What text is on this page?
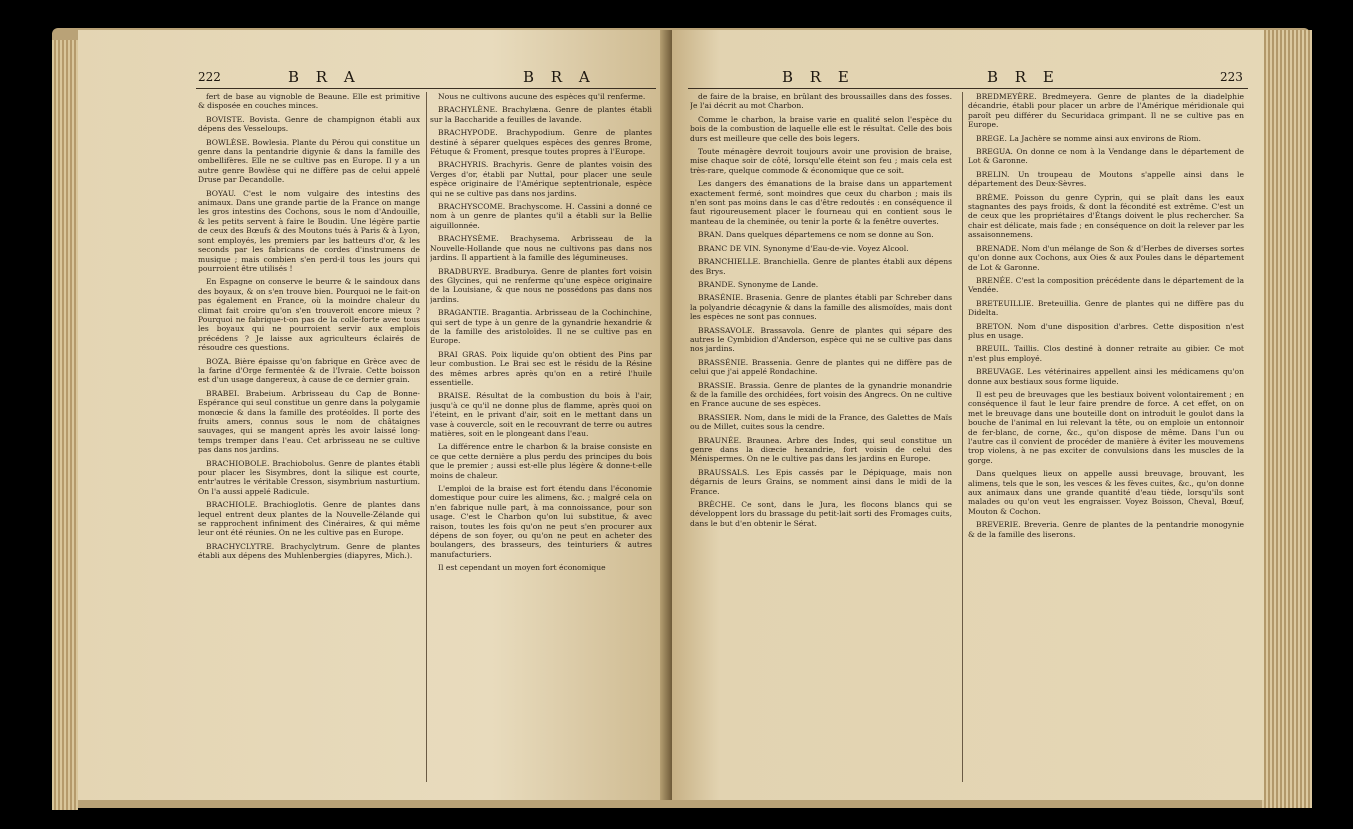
222	B R A	B R A

fert de base au vignoble de Beaune. Elle est primitive & disposée en couches minces.

BOVISTE. Bovista. Genre de champignon établi aux dépens des Vesseloups.

BOWLÈSE. Bowlesia. Plante du Pérou qui constitue un genre dans la pentandrie digynie & dans la famille des ombellifères. Elle ne se cultive pas en Europe. Il y a un autre genre Bowlèse qui ne diffère pas de celui appelé Druse par Decandolle.

BOYAU. C'est le nom vulgaire des intestins des animaux. Dans une grande partie de la France on mange les gros intestins des Cochons, sous le nom d'Andouille, & les petits servent à faire le Boudin. Une légère partie de ceux des Bœufs & des Moutons tués à Paris & à Lyon, sont employés, les premiers par les batteurs d'or, & les seconds par les fabricans de cordes d'instrumens de musique ; mais combien s'en perd-il tous les jours qui pourroient être utilisés !

En Espagne on conserve le beurre & le saindoux dans des boyaux, & on s'en trouve bien. Pourquoi ne le fait-on pas également en France, où la moindre chaleur du climat fait croire qu'on s'en trouveroit encore mieux ? Pourquoi ne fabrique-t-on pas de la colle-forte avec tous les boyaux qui ne pourroient servir aux emplois précédens ? Je laisse aux agriculteurs éclairés de résoudre ces questions.

BOZA. Bière épaisse qu'on fabrique en Grèce avec de la farine d'Orge fermentée & de l'Ivraie. Cette boisson est d'un usage dangereux, à cause de ce dernier grain.

BRABEI. Brabeium. Arbrisseau du Cap de Bonne-Espérance qui seul constitue un genre dans la polygamie monœcie & dans la famille des protéoïdes. Il porte des fruits amers, connus sous le nom de châtaignes sauvages, qui se mangent après les avoir laissé long-temps tremper dans l'eau. Cet arbrisseau ne se cultive pas dans nos jardins.

BRACHIOBOLE. Brachiobolus. Genre de plantes établi pour placer les Sisymbres, dont la silique est courte, entr'autres le véritable Cresson, sisymbrium nasturtium. On l'a aussi appelé Radicule.

BRACHIOLE. Brachioglotis. Genre de plantes dans lequel entrent deux plantes de la Nouvelle-Zélande qui se rapprochent infiniment des Cinéraires, & qui même leur ont été réunies. On ne les cultive pas en Europe.

BRACHYCLYTRE. Brachyclytrum. Genre de plantes établi aux dépens des Muhlenbergies (diapyres, Mich.).

Nous ne cultivons aucune des espèces qu'il renferme.

BRACHYLÈNE. Brachylæna. Genre de plantes établi sur la Baccharide a feuilles de lavande.

BRACHYPODE. Brachypodium. Genre de plantes destiné à séparer quelques espèces des genres Brome, Fétuque & Froment, presque toutes propres à l'Europe.

BRACHYRIS. Brachyris. Genre de plantes voisin des Verges d'or, établi par Nuttal, pour placer une seule espèce originaire de l'Amérique septentrionale, espèce qui ne se cultive pas dans nos jardins.

BRACHYSCOME. Brachyscome. H. Cassini a donné ce nom à un genre de plantes qu'il a établi sur la Bellie aiguillonnée.

BRACHYSÈME. Brachysema. Arbrisseau de la Nouvelle-Hollande que nous ne cultivons pas dans nos jardins. Il appartient à la famille des légumineuses.

BRADBURYE. Bradburya. Genre de plantes fort voisin des Glycines, qui ne renferme qu'une espèce originaire de la Louisiane, & que nous ne possédons pas dans nos jardins.

BRAGANTIE. Bragantia. Arbrisseau de la Cochinchine, qui sert de type à un genre de la gynandrie hexandrie & de la famille des aristoloïdes. Il ne se cultive pas en Europe.

BRAI GRAS. Poix liquide qu'on obtient des Pins par leur combustion. Le Brai sec est le résidu de la Résine des mêmes arbres après qu'on en a retiré l'huile essentielle.

BRAISE. Résultat de la combustion du bois à l'air, jusqu'à ce qu'il ne donne plus de flamme, après quoi on l'éteint, en le privant d'air, soit en le mettant dans un vase à couvercle, soit en le recouvrant de terre ou autres matières, soit en le plongeant dans l'eau.

La différence entre le charbon & la braise consiste en ce que cette dernière a plus perdu des principes du bois que le premier ; aussi est-elle plus légère & donne-t-elle moins de chaleur.

L'emploi de la braise est fort étendu dans l'économie domestique pour cuire les alimens, &c. ; malgré cela on n'en fabrique nulle part, à ma connoissance, pour son usage. C'est le Charbon qu'on lui substitue, & avec raison, toutes les fois qu'on ne peut s'en procurer aux dépens de son foyer, ou qu'on ne peut en acheter des boulangers, des brasseurs, des teinturiers & autres manufacturiers.

Il est cependant un moyen fort économique

B R E	B R E	223

de faire de la braise, en brûlant des broussailles dans des fosses. Je l'ai décrit au mot Charbon.

Comme le charbon, la braise varie en qualité selon l'espèce du bois de la combustion de laquelle elle est le résultat. Celle des bois durs est meilleure que celle des bois legers.

Toute ménagère devroit toujours avoir une provision de braise, mise chaque soir de côté, lorsqu'elle éteint son feu ; mais cela est très-rare, quelque commode & économique que ce soit.

Les dangers des émanations de la braise dans un appartement exactement fermé, sont moindres que ceux du charbon ; mais ils n'en sont pas moins dans le cas d'être redoutés : en conséquence il faut rigoureusement placer le fourneau qui en contient sous le manteau de la cheminée, ou tenir la porte & la fenêtre ouvertes.

BRAN. Dans quelques départemens ce nom se donne au Son.

BRANC DE VIN. Synonyme d'Eau-de-vie. Voyez Alcool.

BRANCHIELLE. Branchiella. Genre de plantes établi aux dépens des Brys.

BRANDE. Synonyme de Lande.

BRASÉNIE. Brasenia. Genre de plantes établi par Schreber dans la polyandrie décagynie & dans la famille des alismoïdes, mais dont les espèces ne sont pas connues.

BRASSAVOLE. Brassavola. Genre de plantes qui sépare des autres le Cymbidion d'Anderson, espèce qui ne se cultive pas dans nos jardins.

BRASSÉNIE. Brassenia. Genre de plantes qui ne diffère pas de celui que j'ai appelé Rondachine.

BRASSIE. Brassia. Genre de plantes de la gynandrie monandrie & de la famille des orchidées, fort voisin des Angrecs. On ne cultive en France aucune de ses espèces.

BRASSIER. Nom, dans le midi de la France, des Galettes de Maïs ou de Millet, cuites sous la cendre.

BRAUNÉE. Braunea. Arbre des Indes, qui seul constitue un genre dans la diœcie hexandrie, fort voisin de celui des Ménispermes. On ne le cultive pas dans les jardins en Europe.

BRAUSSALS. Les Epis cassés par le Dépiquage, mais non dégarnis de leurs Grains, se nomment ainsi dans le midi de la France.

BRÈCHE. Ce sont, dans le Jura, les flocons blancs qui se développent lors du brassage du petit-lait sorti des Fromages cuits, dans le but d'en obtenir le Sérat.

BREDMEYÈRE. Bredmeyera. Genre de plantes de la diadelphie décandrie, établi pour placer un arbre de l'Amérique méridionale qui paroît peu différer du Securidaca grimpant. Il ne se cultive pas en Europe.

BREGE. La Jachère se nomme ainsi aux environs de Riom.

BREGUA. On donne ce nom à la Vendange dans le département de Lot & Garonne.

BRELIN. Un troupeau de Moutons s'appelle ainsi dans le département des Deux-Sèvres.

BRÈME. Poisson du genre Cyprin, qui se plaît dans les eaux stagnantes des pays froids, & dont la fécondité est extrême. C'est un de ceux que les propriétaires d'Étangs doivent le plus rechercher. Sa chair est délicate, mais fade ; en conséquence on doit la relever par les assaisonnemens.

BRENADE. Nom d'un mélange de Son & d'Herbes de diverses sortes qu'on donne aux Cochons, aux Oies & aux Poules dans le département de Lot & Garonne.

BRENÉE. C'est la composition précédente dans le département de la Vendée.

BRETEUILLIE. Breteuillia. Genre de plantes qui ne diffère pas du Didelta.

BRETON. Nom d'une disposition d'arbres. Cette disposition n'est plus en usage.

BREUIL. Taillis. Clos destiné à donner retraite au gibier. Ce mot n'est plus employé.

BREUVAGE. Les vétérinaires appellent ainsi les médicamens qu'on donne aux bestiaux sous forme liquide.

Il est peu de breuvages que les bestiaux boivent volontairement ; en conséquence il faut le leur faire prendre de force. A cet effet, on on met le breuvage dans une bouteille dont on introduit le goulot dans la bouche de l'animal en lui relevant la tête, ou on emploie un entonnoir de fer-blanc, de corne, &c., qu'on dispose de même. Dans l'un ou l'autre cas il convient de procéder de manière à éviter les mouvemens trop violens, à ne pas exciter de convulsions dans les muscles de la gorge.

Dans quelques lieux on appelle aussi breuvage, brouvant, les alimens, tels que le son, les vesces & les fèves cuites, &c., qu'on donne aux animaux dans une grande quantité d'eau tiède, lorsqu'ils sont malades ou qu'on veut les engraisser. Voyez Boisson, Cheval, Bœuf, Mouton & Cochon.

BREVERIE. Breveria. Genre de plantes de la pentandrie monogynie & de la famille des liserons.
